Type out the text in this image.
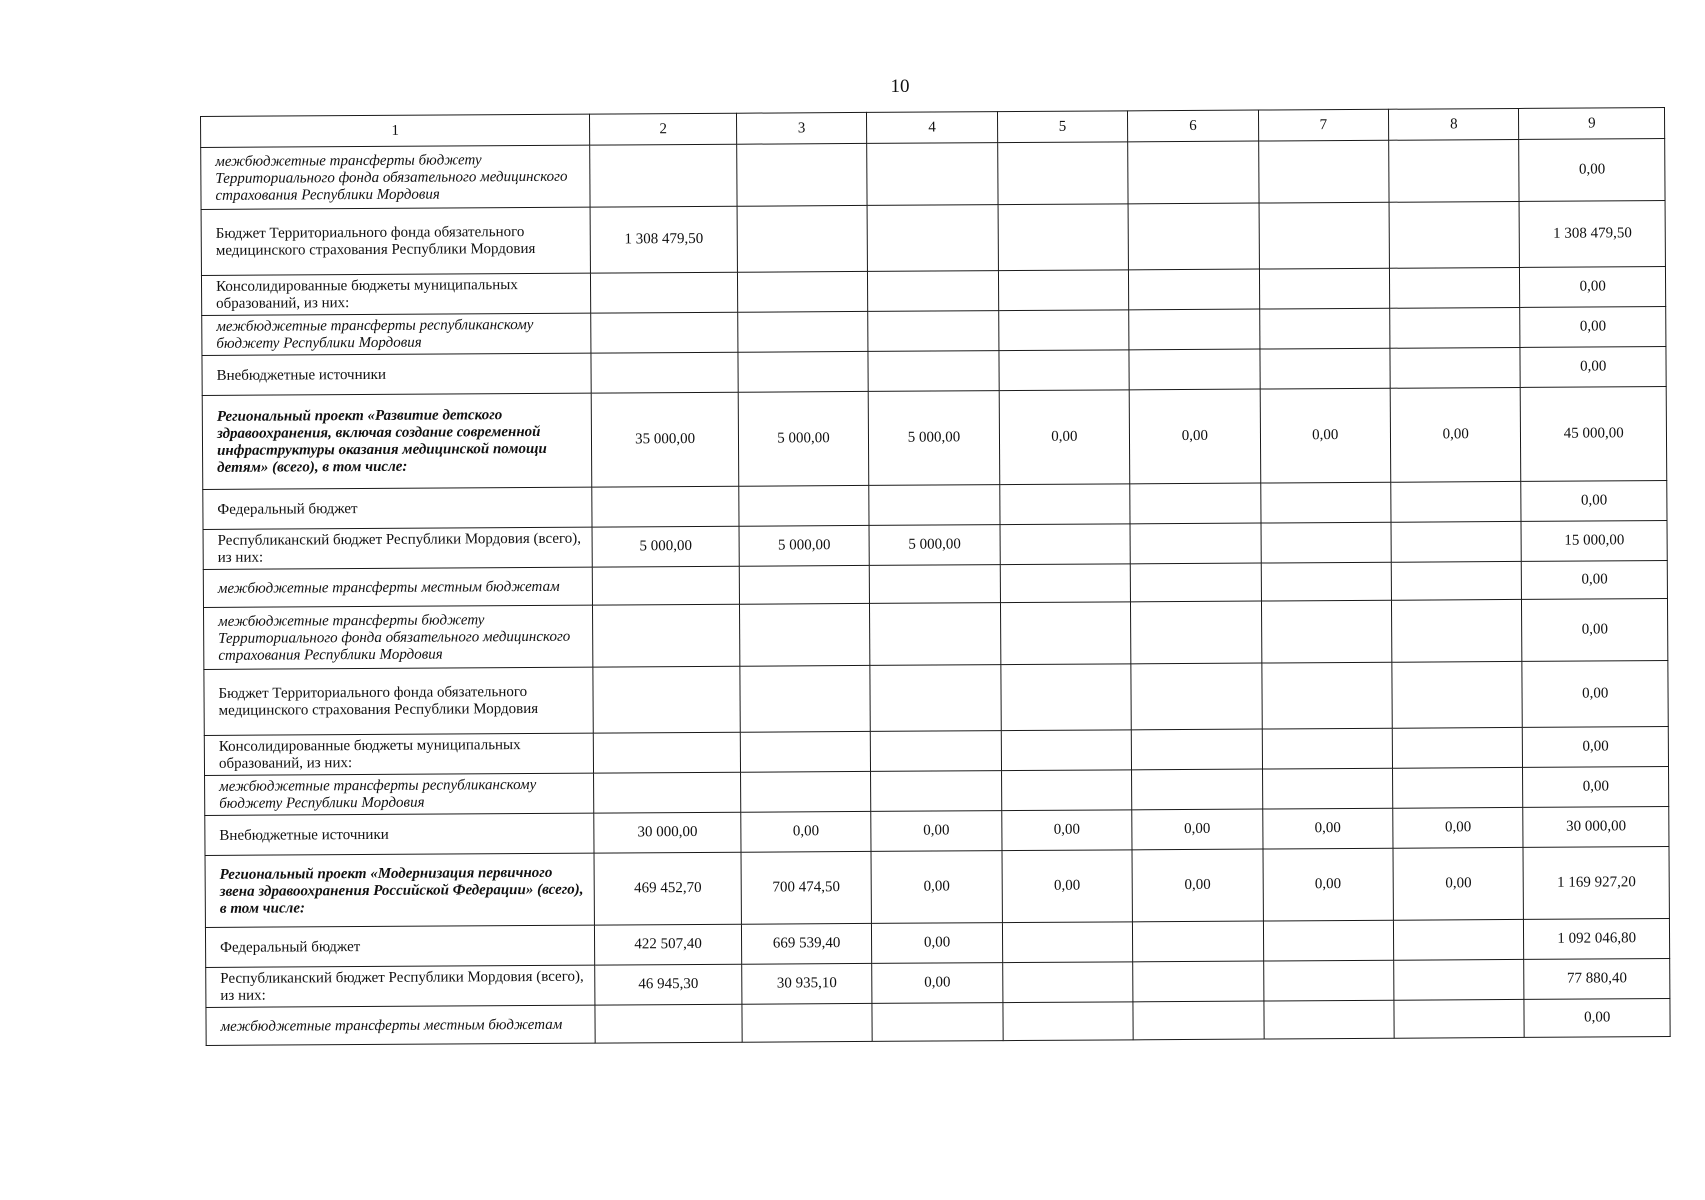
10
1	2	3	4	5	6	7	8	9
межбюджетные трансферты бюджету Территориального фонда обязательного медицинского страхования Республики Мордовия								0,00
Бюджет Территориального фонда обязательного медицинского страхования Республики Мордовия	1 308 479,50							1 308 479,50
Консолидированные бюджеты муниципальных образований, из них:								0,00
межбюджетные трансферты республиканскому бюджету Республики Мордовия								0,00
Внебюджетные источники								0,00
Региональный проект «Развитие детского здравоохранения, включая создание современной инфраструктуры оказания медицинской помощи детям» (всего), в том числе:	35 000,00	5 000,00	5 000,00	0,00	0,00	0,00	0,00	45 000,00
Федеральный бюджет								0,00
Республиканский бюджет Республики Мордовия (всего), из них:	5 000,00	5 000,00	5 000,00					15 000,00
межбюджетные трансферты местным бюджетам								0,00
межбюджетные трансферты бюджету Территориального фонда обязательного медицинского страхования Республики Мордовия								0,00
Бюджет Территориального фонда обязательного медицинского страхования Республики Мордовия								0,00
Консолидированные бюджеты муниципальных образований, из них:								0,00
межбюджетные трансферты республиканскому бюджету Республики Мордовия								0,00
Внебюджетные источники	30 000,00	0,00	0,00	0,00	0,00	0,00	0,00	30 000,00
Региональный проект «Модернизация первичного звена здравоохранения Российской Федерации» (всего), в том числе:	469 452,70	700 474,50	0,00	0,00	0,00	0,00	0,00	1 169 927,20
Федеральный бюджет	422 507,40	669 539,40	0,00					1 092 046,80
Республиканский бюджет Республики Мордовия (всего), из них:	46 945,30	30 935,10	0,00					77 880,40
межбюджетные трансферты местным бюджетам								0,00
